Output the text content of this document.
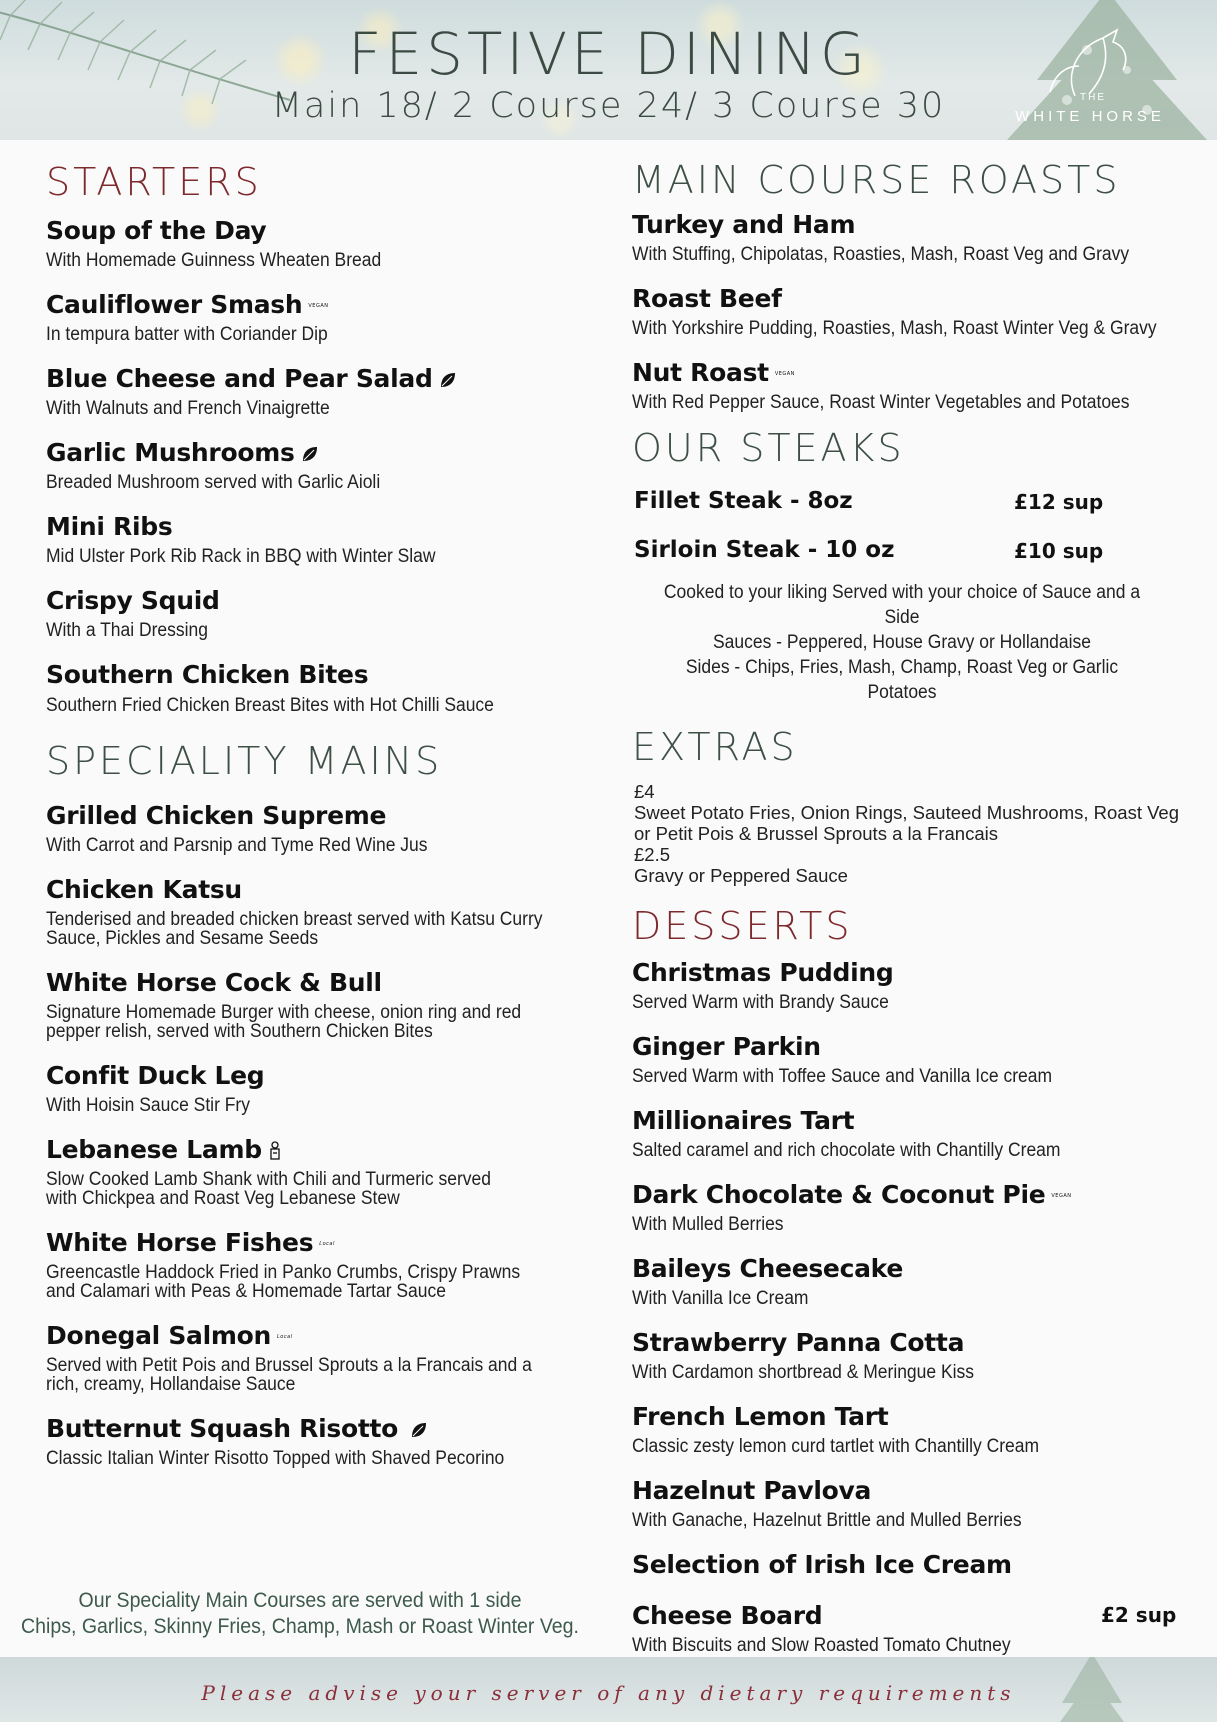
FESTIVE DINING
Main 18/ 2 Course 24/ 3 Course 30	THE
WHITE HORSE
STARTERS
Soup of the Day
With Homemade Guinness Wheaten Bread
Cauliflower Smash VEGAN
In tempura batter with Coriander Dip
Blue Cheese and Pear Salad
With Walnuts and French Vinaigrette
Garlic Mushrooms
Breaded Mushroom served with Garlic Aioli
Mini Ribs
Mid Ulster Pork Rib Rack in BBQ with Winter Slaw
Crispy Squid
With a Thai Dressing
Southern Chicken Bites
Southern Fried Chicken Breast Bites with Hot Chilli Sauce
SPECIALITY MAINS
Grilled Chicken Supreme
With Carrot and Parsnip and Tyme Red Wine Jus
Chicken Katsu
Tenderised and breaded chicken breast served with Katsu Curry Sauce, Pickles and Sesame Seeds
White Horse Cock & Bull
Signature Homemade Burger with cheese, onion ring and red pepper relish, served with Southern Chicken Bites
Confit Duck Leg
With Hoisin Sauce Stir Fry
Lebanese Lamb
Slow Cooked Lamb Shank with Chili and Turmeric served with Chickpea and Roast Veg Lebanese Stew
White Horse Fishes Local
Greencastle Haddock Fried in Panko Crumbs, Crispy Prawns and Calamari with Peas & Homemade Tartar Sauce
Donegal Salmon Local
Served with Petit Pois and Brussel Sprouts a la Francais and a rich, creamy, Hollandaise Sauce
Butternut Squash Risotto
Classic Italian Winter Risotto Topped with Shaved Pecorino
Our Speciality Main Courses are served with 1 side
Chips, Garlics, Skinny Fries, Champ, Mash or Roast Winter Veg.
MAIN COURSE ROASTS
Turkey and Ham
With Stuffing, Chipolatas, Roasties, Mash, Roast Veg and Gravy
Roast Beef
With Yorkshire Pudding, Roasties, Mash, Roast Winter Veg & Gravy
Nut Roast VEGAN
With Red Pepper Sauce, Roast Winter Vegetables and Potatoes
OUR STEAKS
Fillet Steak - 8oz	£12 sup
Sirloin Steak - 10 oz	£10 sup
Cooked to your liking Served with your choice of Sauce and a Side
Sauces - Peppered, House Gravy or Hollandaise
Sides - Chips, Fries, Mash, Champ, Roast Veg or Garlic Potatoes
EXTRAS
£4
Sweet Potato Fries, Onion Rings, Sauteed Mushrooms, Roast Veg or Petit Pois & Brussel Sprouts a la Francais
£2.5
Gravy or Peppered Sauce
DESSERTS
Christmas Pudding
Served Warm with Brandy Sauce
Ginger Parkin
Served Warm with Toffee Sauce and Vanilla Ice cream
Millionaires Tart
Salted caramel and rich chocolate with Chantilly Cream
Dark Chocolate & Coconut Pie VEGAN
With Mulled Berries
Baileys Cheesecake
With Vanilla Ice Cream
Strawberry Panna Cotta
With Cardamon shortbread & Meringue Kiss
French Lemon Tart
Classic zesty lemon curd tartlet with Chantilly Cream
Hazelnut Pavlova
With Ganache, Hazelnut Brittle and Mulled Berries
Selection of Irish Ice Cream
Cheese Board	£2 sup
With Biscuits and Slow Roasted Tomato Chutney
Please advise your server of any dietary requirements
